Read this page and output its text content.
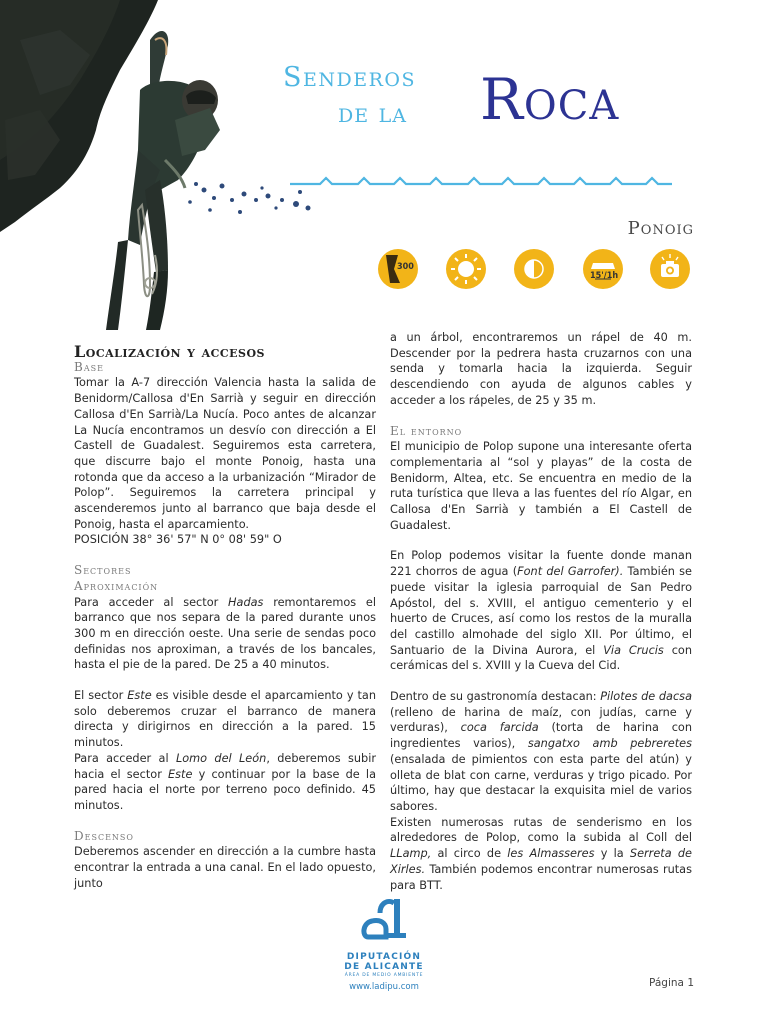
Senderos
de la Roca
Ponoig
300
15'/1h
Localización y accesos
Base

Tomar la A-7 dirección Valencia hasta la salida de Benidorm/Callosa d'En Sarrià y seguir en dirección Callosa d'En Sarrià/La Nucía. Poco antes de alcanzar La Nucía encontramos un desvío con dirección a El Castell de Guadalest. Seguiremos esta carretera, que discurre bajo el monte Ponoig, hasta una rotonda que da acceso a la urbanización “Mirador de Polop”. Seguiremos la carretera principal y ascenderemos junto al barranco que baja desde el Ponoig, hasta el aparcamiento.

POSICIÓN 38° 36' 57" N 0° 08' 59" O

Sectores
Aproximación

Para acceder al sector Hadas remontaremos el barranco que nos separa de la pared durante unos 300 m en dirección oeste. Una serie de sendas poco definidas nos aproximan, a través de los bancales, hasta el pie de la pared. De 25 a 40 minutos.

El sector Este es visible desde el aparcamiento y tan solo deberemos cruzar el barranco de manera directa y dirigirnos en dirección a la pared. 15 minutos.

Para acceder al Lomo del León, deberemos subir hacia el sector Este y continuar por la base de la pared hacia el norte por terreno poco definido. 45 minutos.

Descenso

Deberemos ascender en dirección a la cumbre hasta encontrar la entrada a una canal. En el lado opuesto, junto

a un árbol, encontraremos un rápel de 40 m. Descender por la pedrera hasta cruzarnos con una senda y tomarla hacia la izquierda. Seguir descendiendo con ayuda de algunos cables y acceder a los rápeles, de 25 y 35 m.

El entorno

El municipio de Polop supone una interesante oferta complementaria al “sol y playas” de la costa de Benidorm, Altea, etc. Se encuentra en medio de la ruta turística que lleva a las fuentes del río Algar, en Callosa d'En Sarrià y también a El Castell de Guadalest.

En Polop podemos visitar la fuente donde manan 221 chorros de agua (Font del Garrofer). También se puede visitar la iglesia parroquial de San Pedro Apóstol, del s. XVIII, el antiguo cementerio y el huerto de Cruces, así como los restos de la muralla del castillo almohade del siglo XII. Por último, el Santuario de la Divina Aurora, el Via Crucis con cerámicas del s. XVIII y la Cueva del Cid.

Dentro de su gastronomía destacan: Pilotes de dacsa (relleno de harina de maíz, con judías, carne y verduras), coca farcida (torta de harina con ingredientes varios), sangatxo amb pebreretes (ensalada de pimientos con esta parte del atún) y olleta de blat con carne, verduras y trigo picado. Por último, hay que destacar la exquisita miel de varios sabores.

Existen numerosas rutas de senderismo en los alrededores de Polop, como la subida al Coll del LLamp, al circo de les Almasseres y la Serreta de Xirles. También podemos encontrar numerosas rutas para BTT.

DIPUTACIÓN
DE ALICANTE
ÁREA DE MEDIO AMBIENTE
www.ladipu.com	Página 1
